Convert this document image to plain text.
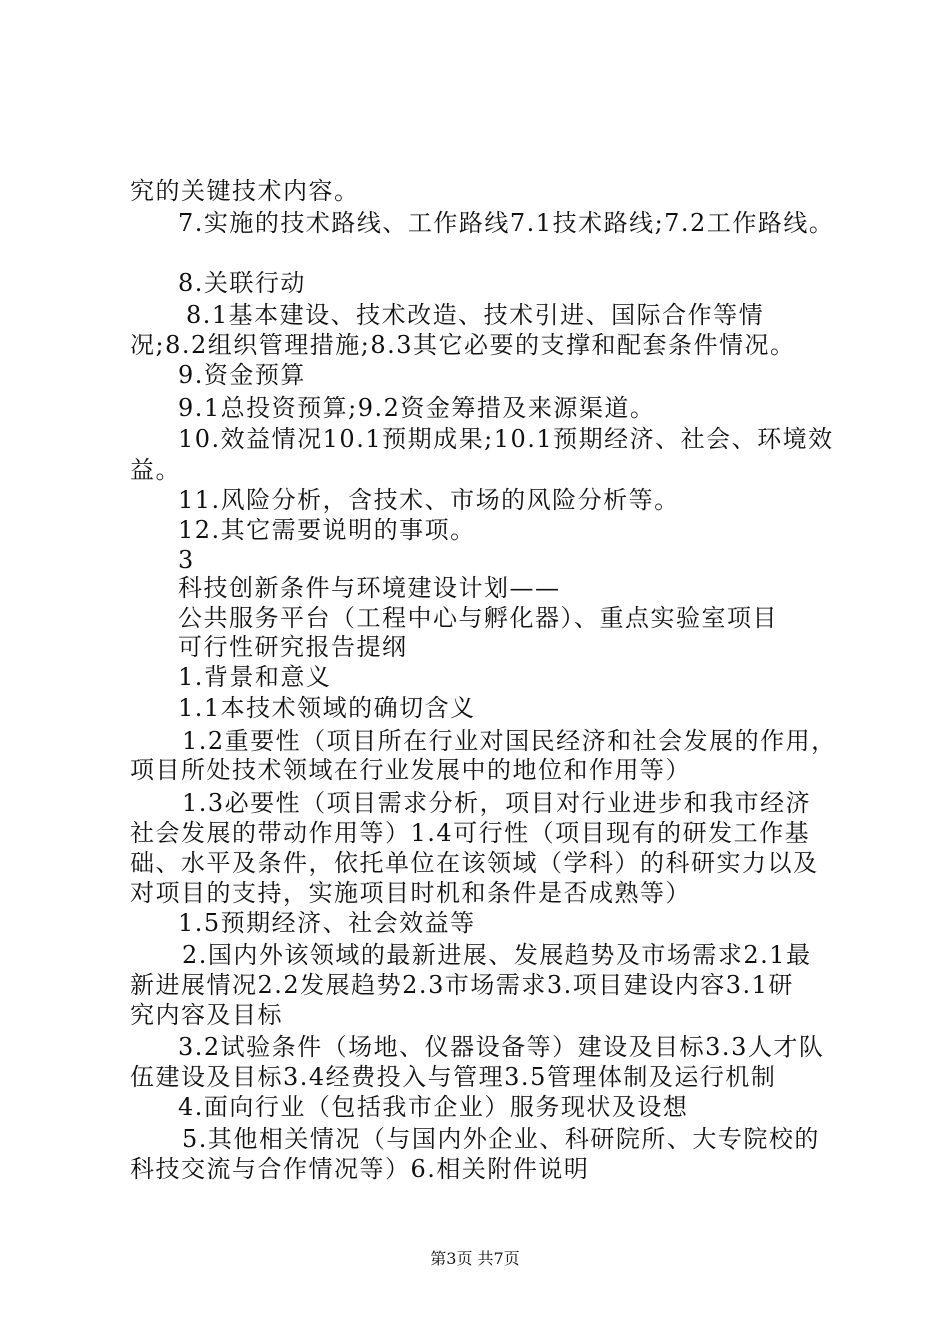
究的关键技术内容。
7.实施的技术路线、工作路线7.1技术路线;7.2工作路线。
8.关联行动
8.1基本建设、技术改造、技术引进、国际合作等情
况;8.2组织管理措施;8.3其它必要的支撑和配套条件情况。
9.资金预算
9.1总投资预算;9.2资金筹措及来源渠道。
10.效益情况10.1预期成果;10.1预期经济、社会、环境效
益。
11.风险分析，含技术、市场的风险分析等。
12.其它需要说明的事项。
3
科技创新条件与环境建设计划——
公共服务平台（工程中心与孵化器）、重点实验室项目
可行性研究报告提纲
1.背景和意义
1.1本技术领域的确切含义
1.2重要性（项目所在行业对国民经济和社会发展的作用，
项目所处技术领域在行业发展中的地位和作用等）
1.3必要性（项目需求分析，项目对行业进步和我市经济
社会发展的带动作用等）1.4可行性（项目现有的研发工作基
础、水平及条件，依托单位在该领域（学科）的科研实力以及
对项目的支持，实施项目时机和条件是否成熟等）
1.5预期经济、社会效益等
2.国内外该领域的最新进展、发展趋势及市场需求2.1最
新进展情况2.2发展趋势2.3市场需求3.项目建设内容3.1研
究内容及目标
3.2试验条件（场地、仪器设备等）建设及目标3.3人才队
伍建设及目标3.4经费投入与管理3.5管理体制及运行机制
4.面向行业（包括我市企业）服务现状及设想
5.其他相关情况（与国内外企业、科研院所、大专院校的
科技交流与合作情况等）6.相关附件说明
第3页 共7页
